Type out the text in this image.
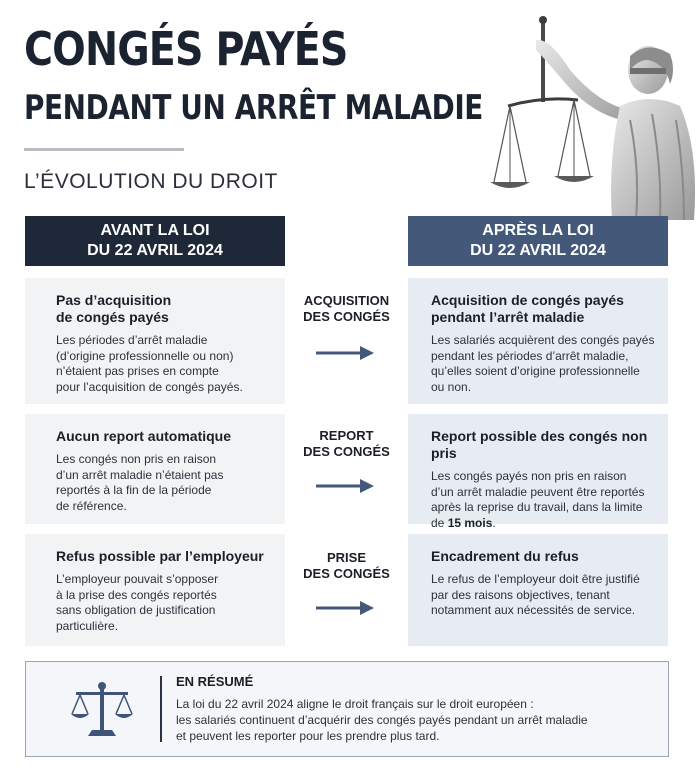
CONGÉS PAYÉS
PENDANT UN ARRÊT MALADIE
L’ÉVOLUTION DU DROIT
AVANT LA LOI
DU 22 AVRIL 2024
APRÈS LA LOI
DU 22 AVRIL 2024
Pas d’acquisition
de congés payés
Les périodes d’arrêt maladie
(d’origine professionnelle ou non)
n’étaient pas prises en compte
pour l’acquisition de congés payés.
ACQUISITION
DES CONGÉS
Acquisition de congés payés
pendant l’arrêt maladie
Les salariés acquièrent des congés payés
pendant les périodes d’arrêt maladie,
qu’elles soient d’origine professionnelle
ou non.
Aucun report automatique
Les congés non pris en raison
d’un arrêt maladie n’étaient pas
reportés à la fin de la période
de référence.
REPORT
DES CONGÉS
Report possible des congés non pris
Les congés payés non pris en raison
d’un arrêt maladie peuvent être reportés
après la reprise du travail, dans la limite
de 15 mois.
Refus possible par l’employeur
L’employeur pouvait s’opposer
à la prise des congés reportés
sans obligation de justification
particulière.
PRISE
DES CONGÉS
Encadrement du refus
Le refus de l’employeur doit être justifié
par des raisons objectives, tenant
notamment aux nécessités de service.
EN RÉSUMÉ
La loi du 22 avril 2024 aligne le droit français sur le droit européen :
les salariés continuent d’acquérir des congés payés pendant un arrêt maladie
et peuvent les reporter pour les prendre plus tard.
